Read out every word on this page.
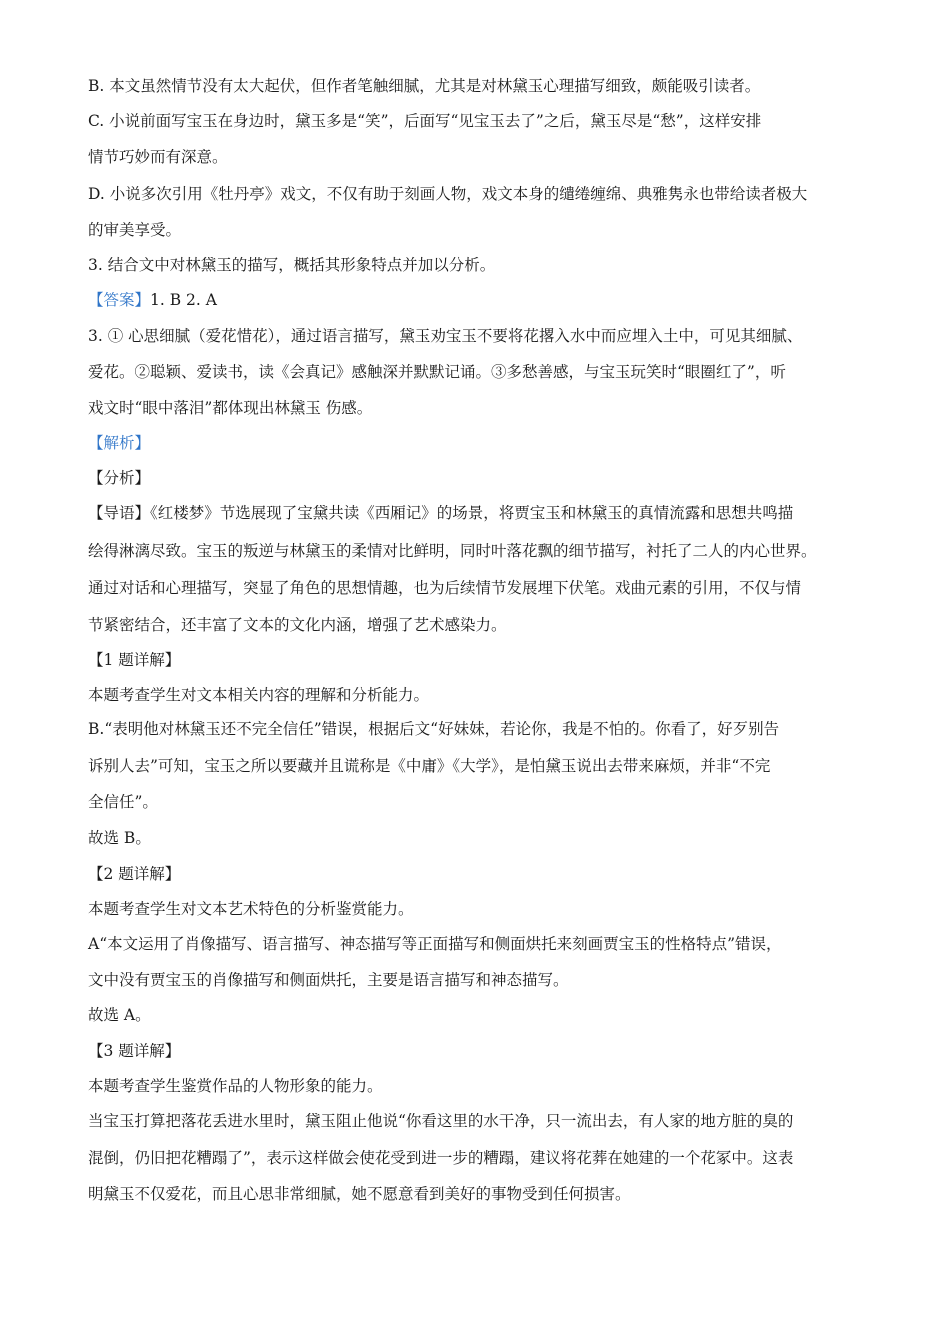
B. 本文虽然情节没有太大起伏，但作者笔触细腻，尤其是对林黛玉心理描写细致，颇能吸引读者。

C. 小说前面写宝玉在身边时，黛玉多是“笑”，后面写“见宝玉去了”之后，黛玉尽是“愁”，这样安排

情节巧妙而有深意。

D. 小说多次引用《牡丹亭》戏文，不仅有助于刻画人物，戏文本身的缱绻缠绵、典雅隽永也带给读者极大

的审美享受。

3. 结合文中对林黛玉的描写，概括其形象特点并加以分析。

【答案】1. B 2. A

3. ① 心思细腻（爱花惜花），通过语言描写，黛玉劝宝玉不要将花撂入水中而应埋入土中，可见其细腻、

爱花。②聪颖、爱读书，读《会真记》感触深并默默记诵。③多愁善感，与宝玉玩笑时“眼圈红了”，听

戏文时“眼中落泪”都体现出林黛玉 伤感。

【解析】

【分析】

【导语】《红楼梦》节选展现了宝黛共读《西厢记》的场景，将贾宝玉和林黛玉的真情流露和思想共鸣描

绘得淋漓尽致。宝玉的叛逆与林黛玉的柔情对比鲜明，同时叶落花飘的细节描写，衬托了二人的内心世界。

通过对话和心理描写，突显了角色的思想情趣，也为后续情节发展埋下伏笔。戏曲元素的引用，不仅与情

节紧密结合，还丰富了文本的文化内涵，增强了艺术感染力。

【1 题详解】

本题考查学生对文本相关内容的理解和分析能力。

B.“表明他对林黛玉还不完全信任”错误，根据后文“好妹妹，若论你，我是不怕的。你看了，好歹别告

诉别人去”可知，宝玉之所以要藏并且谎称是《中庸》《大学》，是怕黛玉说出去带来麻烦，并非“不完

全信任”。

故选 B。

【2 题详解】

本题考查学生对文本艺术特色的分析鉴赏能力。

A“本文运用了肖像描写、语言描写、神态描写等正面描写和侧面烘托来刻画贾宝玉的性格特点”错误，

文中没有贾宝玉的肖像描写和侧面烘托，主要是语言描写和神态描写。

故选 A。

【3 题详解】

本题考查学生鉴赏作品的人物形象的能力。

当宝玉打算把落花丢进水里时，黛玉阻止他说“你看这里的水干净，只一流出去，有人家的地方脏的臭的

混倒，仍旧把花糟蹋了”，表示这样做会使花受到进一步的糟蹋，建议将花葬在她建的一个花冢中。这表

明黛玉不仅爱花，而且心思非常细腻，她不愿意看到美好的事物受到任何损害。
